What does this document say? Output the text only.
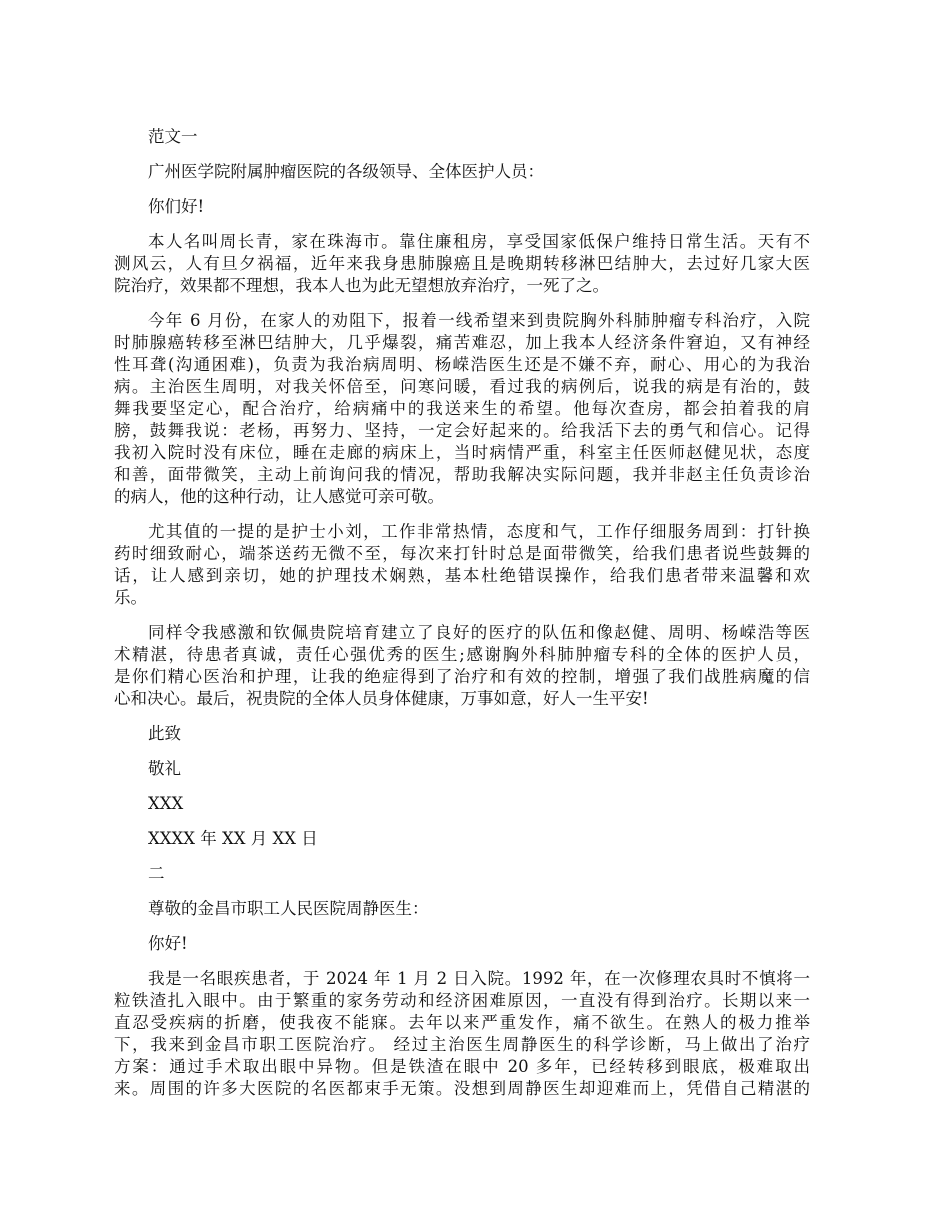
范文一

广州医学院附属肿瘤医院的各级领导、全体医护人员：

你们好!

本人名叫周长青，家在珠海市。靠住廉租房，享受国家低保户维持日常生活。天有不
测风云，人有旦夕祸福，近年来我身患肺腺癌且是晚期转移淋巴结肿大，去过好几家大医
院治疗，效果都不理想，我本人也为此无望想放弃治疗，一死了之。

今年 6 月份，在家人的劝阻下，报着一线希望来到贵院胸外科肺肿瘤专科治疗，入院
时肺腺癌转移至淋巴结肿大，几乎爆裂，痛苦难忍，加上我本人经济条件窘迫，又有神经
性耳聋(沟通困难)，负责为我治病周明、杨嵘浩医生还是不嫌不弃，耐心、用心的为我治
病。主治医生周明，对我关怀倍至，问寒问暖，看过我的病例后，说我的病是有治的，鼓
舞我要坚定心，配合治疗，给病痛中的我送来生的希望。他每次查房，都会拍着我的肩
膀，鼓舞我说：老杨，再努力、坚持，一定会好起来的。给我活下去的勇气和信心。记得
我初入院时没有床位，睡在走廊的病床上，当时病情严重，科室主任医师赵健见状，态度
和善，面带微笑，主动上前询问我的情况，帮助我解决实际问题，我并非赵主任负责诊治
的病人，他的这种行动，让人感觉可亲可敬。

尤其值的一提的是护士小刘，工作非常热情，态度和气，工作仔细服务周到：打针换
药时细致耐心，端茶送药无微不至，每次来打针时总是面带微笑，给我们患者说些鼓舞的
话，让人感到亲切，她的护理技术娴熟，基本杜绝错误操作，给我们患者带来温馨和欢
乐。

同样令我感激和钦佩贵院培育建立了良好的医疗的队伍和像赵健、周明、杨嵘浩等医
术精湛，待患者真诚，责任心强优秀的医生;感谢胸外科肺肿瘤专科的全体的医护人员，
是你们精心医治和护理，让我的绝症得到了治疗和有效的控制，增强了我们战胜病魔的信
心和决心。最后，祝贵院的全体人员身体健康，万事如意，好人一生平安!

此致

敬礼

XXX

XXXX 年 XX 月 XX 日

二

尊敬的金昌市职工人民医院周静医生：

你好!

我是一名眼疾患者，于 2024 年 1 月 2 日入院。1992 年，在一次修理农具时不慎将一
粒铁渣扎入眼中。由于繁重的家务劳动和经济困难原因，一直没有得到治疗。长期以来一
直忍受疾病的折磨，使我夜不能寐。去年以来严重发作，痛不欲生。在熟人的极力推举
下，我来到金昌市职工医院治疗。 经过主治医生周静医生的科学诊断，马上做出了治疗
方案：通过手术取出眼中异物。但是铁渣在眼中 20 多年，已经转移到眼底，极难取出
来。周围的许多大医院的名医都束手无策。没想到周静医生却迎难而上，凭借自己精湛的
